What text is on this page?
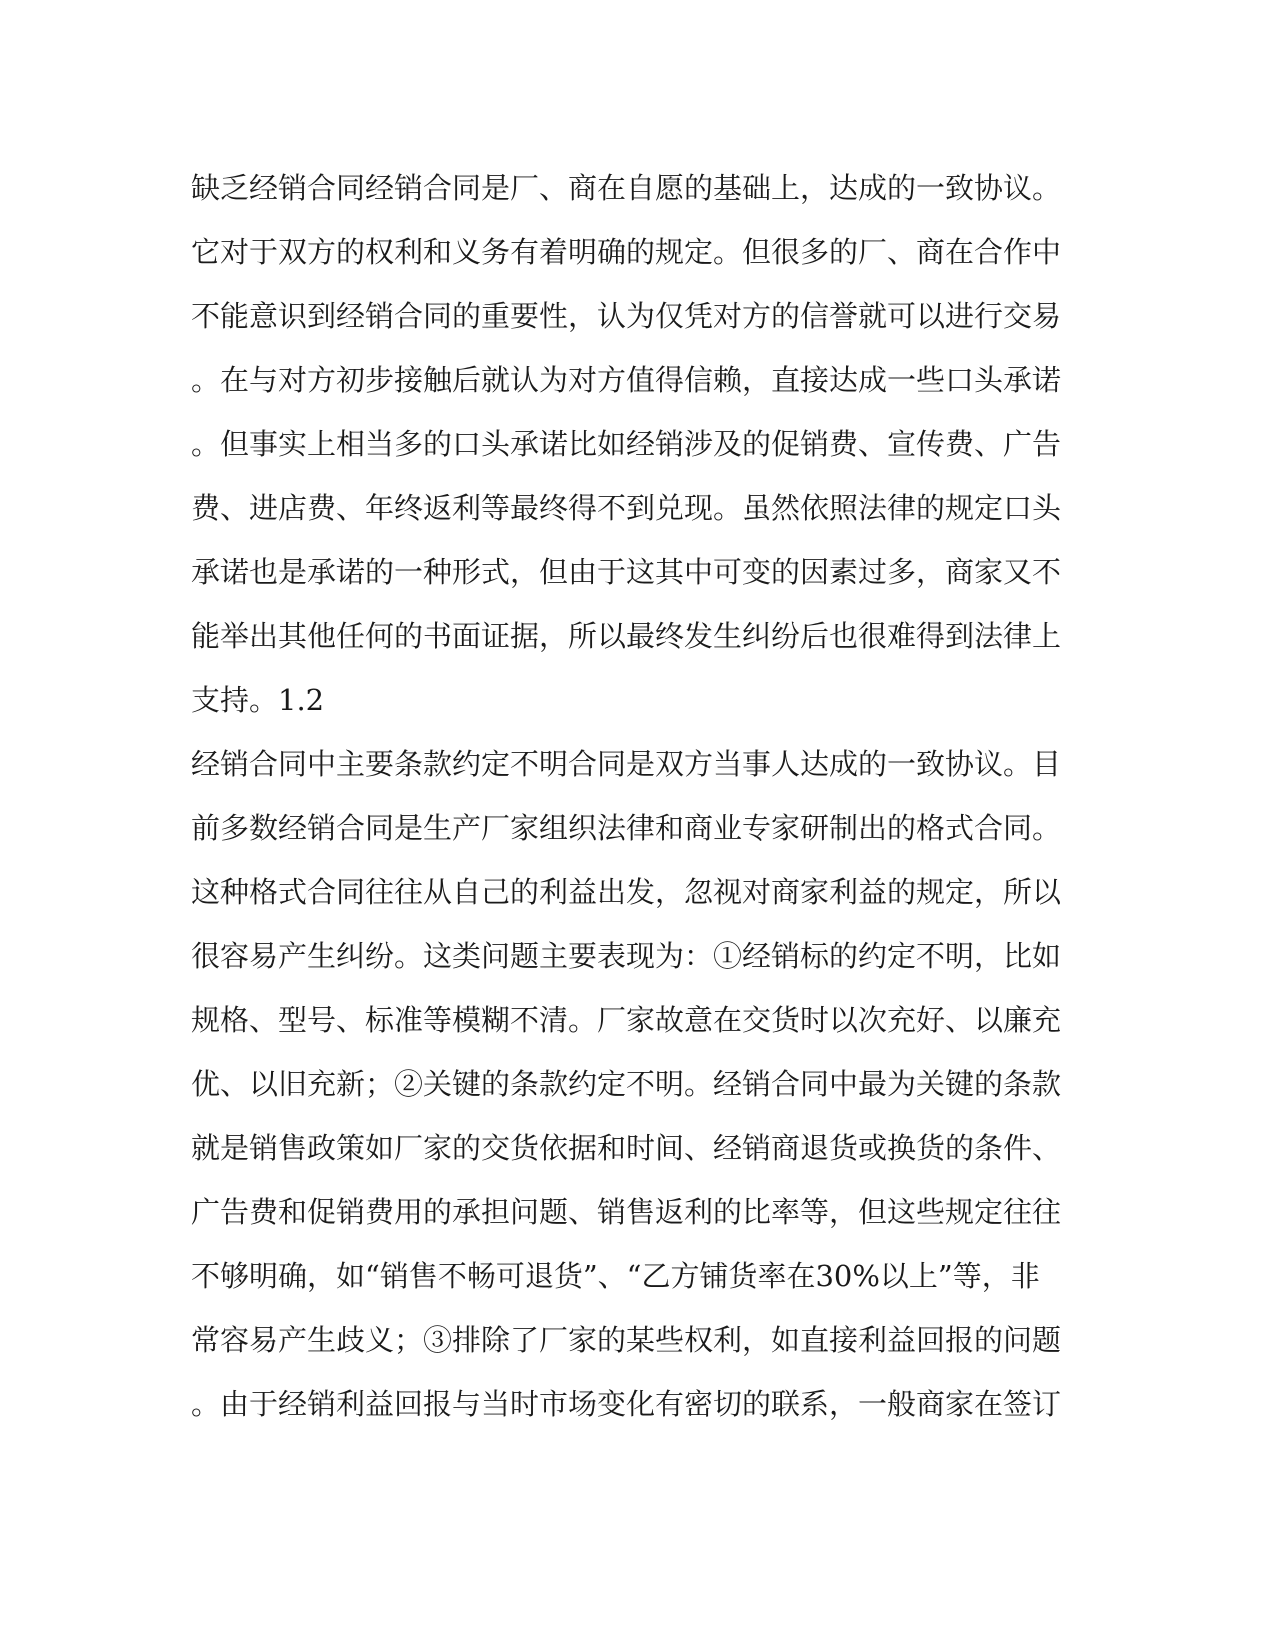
缺乏经销合同经销合同是厂、商在自愿的基础上，达成的一致协议。
它对于双方的权利和义务有着明确的规定。但很多的厂、商在合作中
不能意识到经销合同的重要性，认为仅凭对方的信誉就可以进行交易
。在与对方初步接触后就认为对方值得信赖，直接达成一些口头承诺
。但事实上相当多的口头承诺比如经销涉及的促销费、宣传费、广告
费、进店费、年终返利等最终得不到兑现。虽然依照法律的规定口头
承诺也是承诺的一种形式，但由于这其中可变的因素过多，商家又不
能举出其他任何的书面证据，所以最终发生纠纷后也很难得到法律上
支持。1.2
经销合同中主要条款约定不明合同是双方当事人达成的一致协议。目
前多数经销合同是生产厂家组织法律和商业专家研制出的格式合同。
这种格式合同往往从自己的利益出发，忽视对商家利益的规定，所以
很容易产生纠纷。这类问题主要表现为：①经销标的约定不明，比如
规格、型号、标准等模糊不清。厂家故意在交货时以次充好、以廉充
优、以旧充新；②关键的条款约定不明。经销合同中最为关键的条款
就是销售政策如厂家的交货依据和时间、经销商退货或换货的条件、
广告费和促销费用的承担问题、销售返利的比率等，但这些规定往往
不够明确，如“销售不畅可退货”、“乙方铺货率在30%以上”等，非
常容易产生歧义；③排除了厂家的某些权利，如直接利益回报的问题
。由于经销利益回报与当时市场变化有密切的联系，一般商家在签订
